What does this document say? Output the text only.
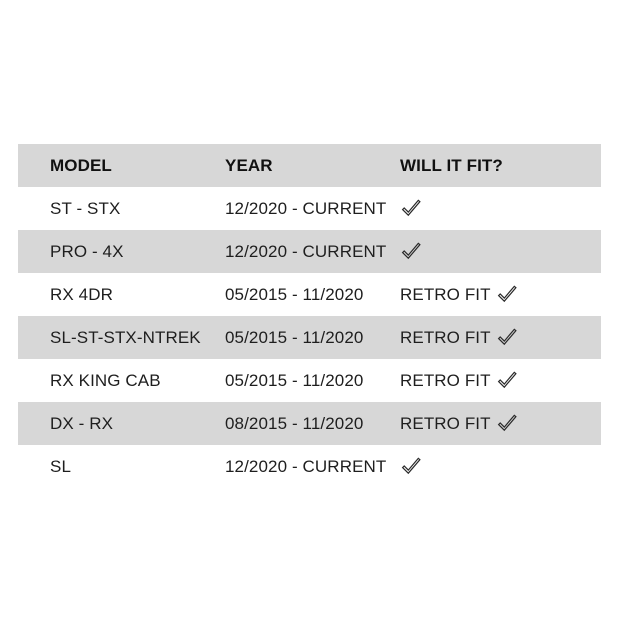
MODEL	YEAR	WILL IT FIT?
ST - STX	12/2020 - CURRENT
PRO - 4X	12/2020 - CURRENT
RX 4DR	05/2015 - 11/2020	RETRO FIT
SL-ST-STX-NTREK	05/2015 - 11/2020	RETRO FIT
RX KING CAB	05/2015 - 11/2020	RETRO FIT
DX - RX	08/2015 - 11/2020	RETRO FIT
SL	12/2020 - CURRENT
